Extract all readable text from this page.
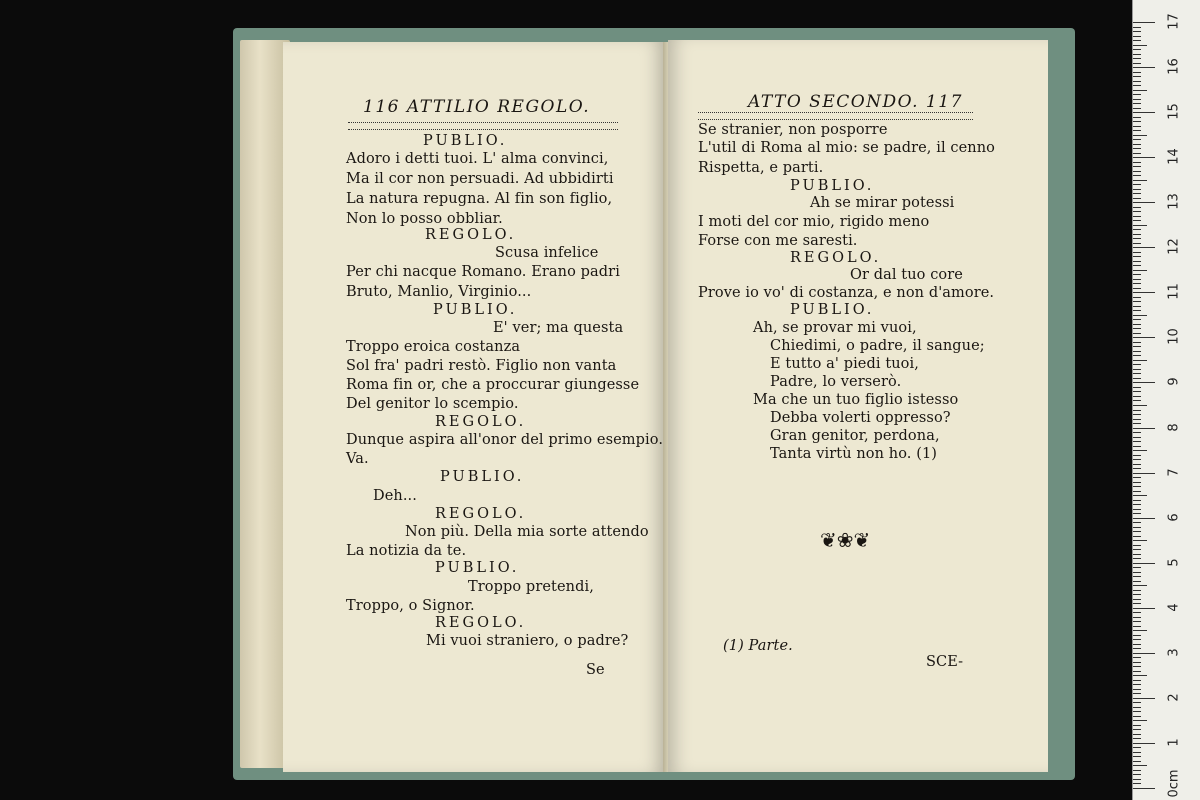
116 ATTILIO REGOLO.
PUBLIO.
Adoro i detti tuoi. L' alma convinci,
Ma il cor non persuadi. Ad ubbidirti
La natura repugna. Al fin son figlio,
Non lo posso obbliar.
REGOLO.
Scusa infelice
Per chi nacque Romano. Erano padri
Bruto, Manlio, Virginio...
PUBLIO.
E' ver; ma questa
Troppo eroica costanza
Sol fra' padri restò. Figlio non vanta
Roma fin or, che a proccurar giungesse
Del genitor lo scempio.
REGOLO.
Dunque aspira all'onor del primo esempio.
Va.
PUBLIO.
Deh...
REGOLO.
Non più. Della mia sorte attendo
La notizia da te.
PUBLIO.
Troppo pretendi,
Troppo, o Signor.
REGOLO.
Mi vuoi straniero, o padre?
Se
ATTO SECONDO. 117
Se stranier, non posporre
L'util di Roma al mio: se padre, il cenno
Rispetta, e parti.
PUBLIO.
Ah se mirar potessi
I moti del cor mio, rigido meno
Forse con me saresti.
REGOLO.
Or dal tuo core
Prove io vo' di costanza, e non d'amore.
PUBLIO.
Ah, se provar mi vuoi,
Chiedimi, o padre, il sangue;
E tutto a' piedi tuoi,
Padre, lo verserò.
Ma che un tuo figlio istesso
Debba volerti oppresso?
Gran genitor, perdona,
Tanta virtù non ho. (1)
❦❀❦
(1) Parte.
SCE-
17
16
15
14
13
12
11
10
9
8
7
6
5
4
3
2
1
0cm
